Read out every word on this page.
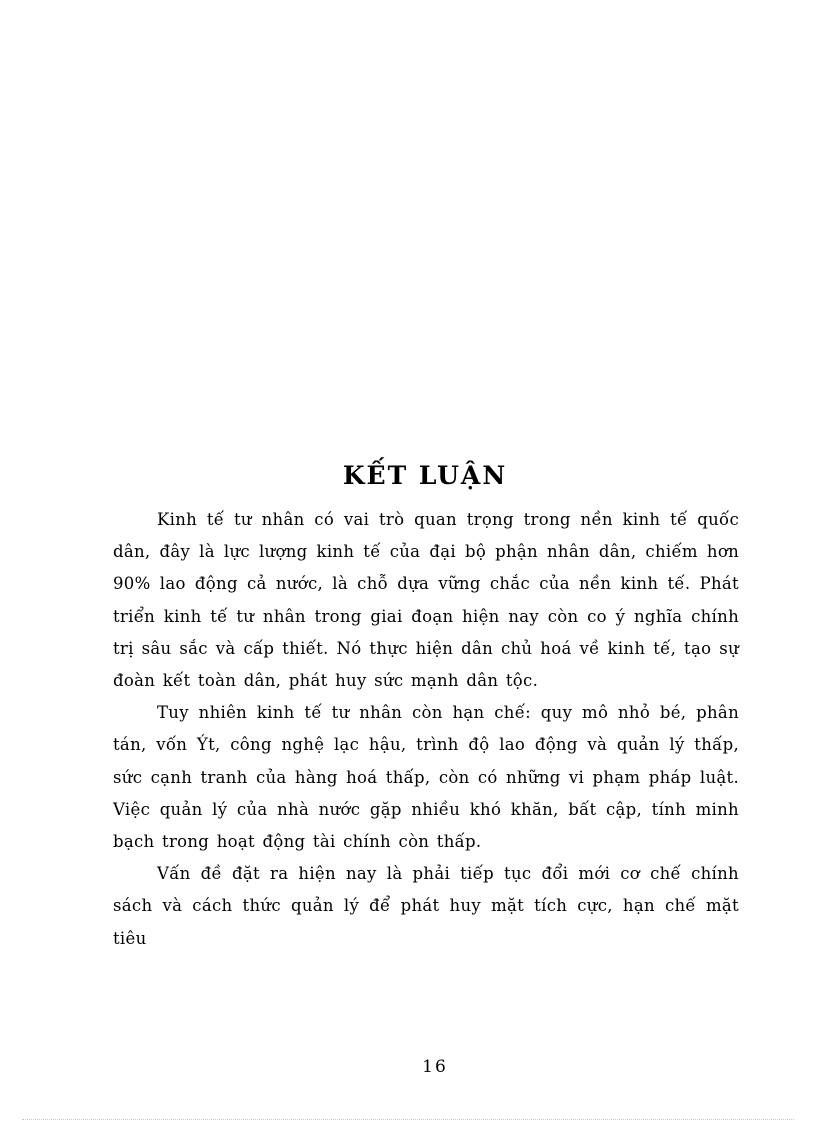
KẾT LUẬN

Kinh tế tư nhân có vai trò quan trọng trong nền kinh tế quốc dân, đây là lực lượng kinh tế của đại bộ phận nhân dân, chiếm hơn 90% lao động cả nước, là chỗ dựa vững chắc của nền kinh tế. Phát triển kinh tế tư nhân trong giai đoạn hiện nay còn co ý nghĩa chính trị sâu sắc và cấp thiết. Nó thực hiện dân chủ hoá về kinh tế, tạo sự đoàn kết toàn dân, phát huy sức mạnh dân tộc.

Tuy nhiên kinh tế tư nhân còn hạn chế: quy mô nhỏ bé, phân tán, vốn Ýt, công nghệ lạc hậu, trình độ lao động và quản lý thấp, sức cạnh tranh của hàng hoá thấp, còn có những vi phạm pháp luật. Việc quản lý của nhà nước gặp nhiều khó khăn, bất cập, tính minh bạch trong hoạt động tài chính còn thấp.

Vấn đề đặt ra hiện nay là phải tiếp tục đổi mới cơ chế chính sách và cách thức quản lý để phát huy mặt tích cực, hạn chế mặt tiêu

16
